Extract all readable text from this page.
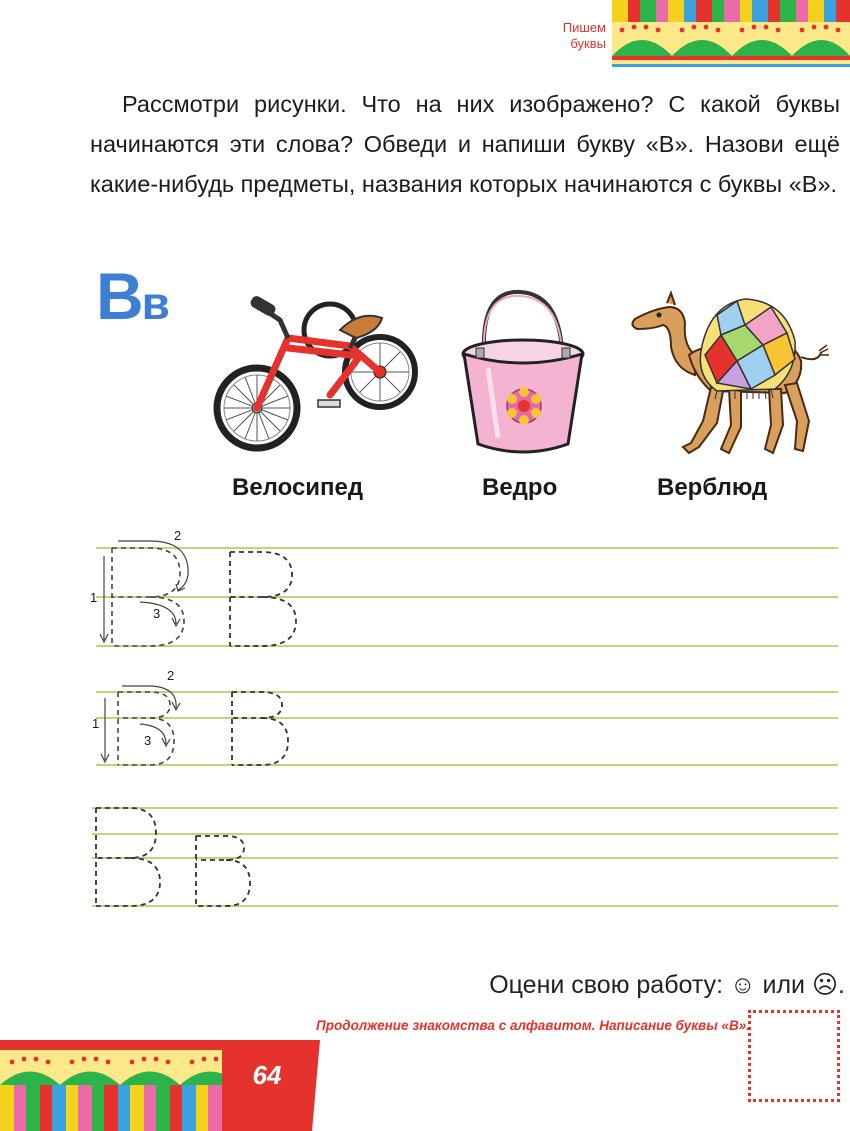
Пишем
буквы

Рассмотри рисунки. Что на них изображено? С какой буквы начинаются эти слова? Обведи и напиши букву «В». Назови ещё какие-нибудь предметы, названия которых начинаются с буквы «В».

Вв
Велосипед	Ведро	Верблюд
1
2
3
1
2
3
Оцени свою работу: ☺ или ☹.
Продолжение знакомства с алфавитом. Написание буквы «В».
64
